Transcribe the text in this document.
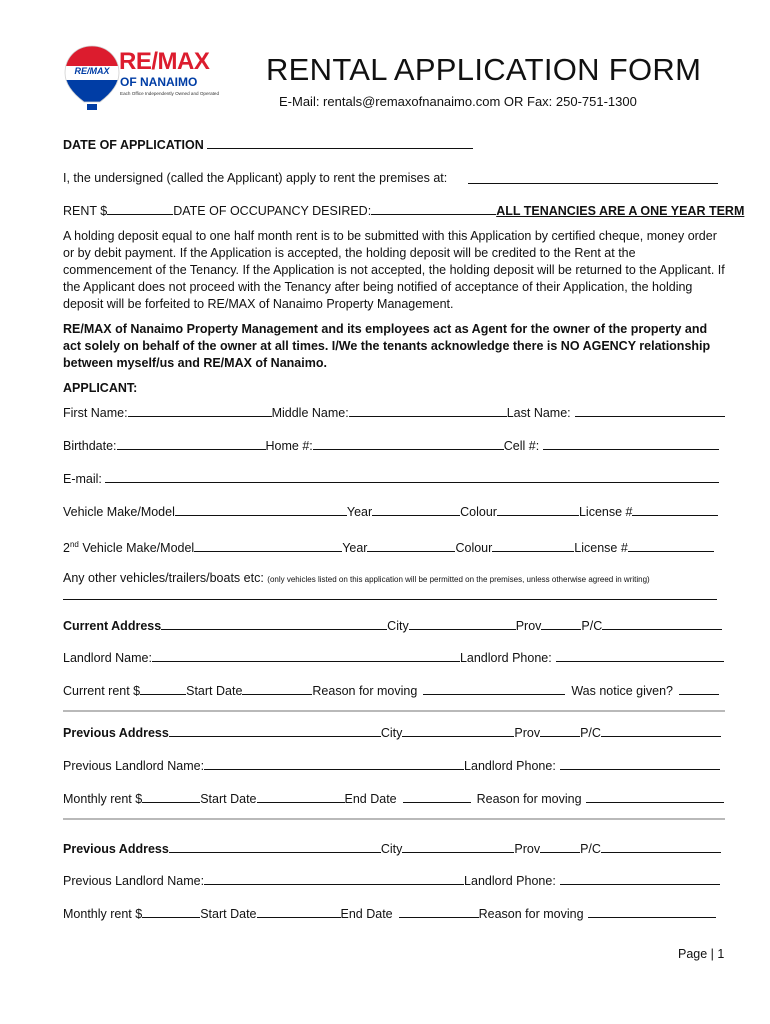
RE/MAX RE/MAX
OF NANAIMO
Each Office Independently Owned and Operated
RENTAL APPLICATION FORM
E-Mail: rentals@remaxofnanaimo.com OR Fax: 250-751-1300
DATE OF APPLICATION
I, the undersigned (called the Applicant) apply to rent the premises at:
RENT $	DATE OF OCCUPANCY DESIRED:	ALL TENANCIES ARE A ONE YEAR TERM
A holding deposit equal to one half month rent is to be submitted with this Application by certified cheque, money order or by debit payment. If the Application is accepted, the holding deposit will be credited to the Rent at the commencement of the Tenancy. If the Application is not accepted, the holding deposit will be returned to the Applicant. If the Applicant does not proceed with the Tenancy after being notified of acceptance of their Application, the holding deposit will be forfeited to RE/MAX of Nanaimo Property Management.
RE/MAX of Nanaimo Property Management and its employees act as Agent for the owner of the property and act solely on behalf of the owner at all times. I/We the tenants acknowledge there is NO AGENCY relationship between myself/us and RE/MAX of Nanaimo.
APPLICANT:
First Name:	Middle Name:	Last Name:
Birthdate:	Home #:	Cell #:
E-mail:
Vehicle Make/Model	Year	Colour	License #
2nd Vehicle Make/Model	Year	Colour	License #
Any other vehicles/trailers/boats etc: (only vehicles listed on this application will be permitted on the premises, unless otherwise agreed in writing)
Current Address	City	Prov	P/C
Landlord Name:	Landlord Phone:
Current rent $	Start Date	Reason for moving	Was notice given?
Previous Address	City	Prov	P/C
Previous Landlord Name:	Landlord Phone:
Monthly rent $	Start Date	End Date	Reason for moving
Previous Address	City	Prov	P/C
Previous Landlord Name:	Landlord Phone:
Monthly rent $	Start Date	End Date	Reason for moving
Page | 1
